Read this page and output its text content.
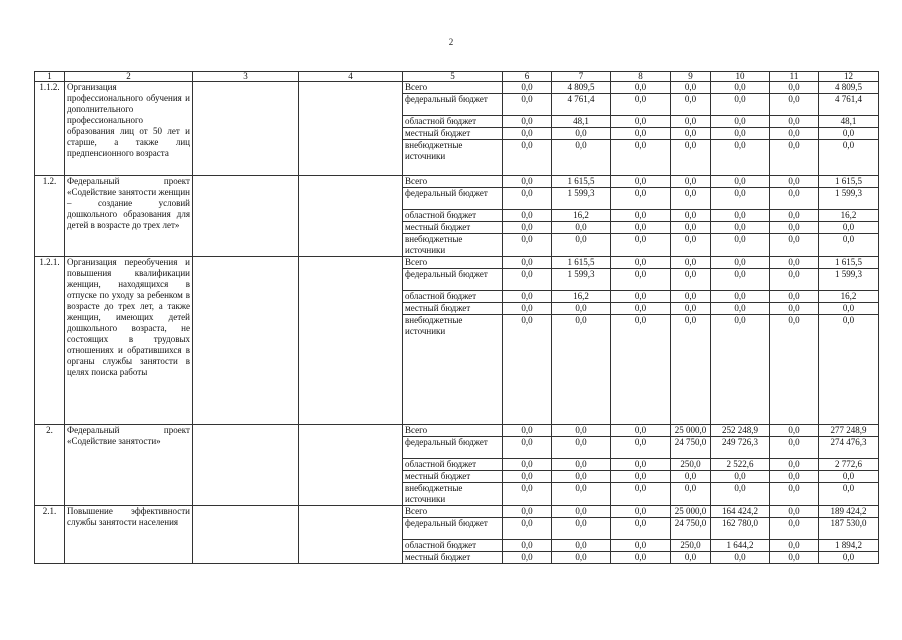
2
1	2	3	4	5	6	7	8	9	10	11	12
1.1.2.	Организация профессионального обучения и дополнительного профессионального образования лиц от 50 лет и старше, а также лиц предпенсионного возраста			Всего	0,0	4 809,5	0,0	0,0	0,0	0,0	4 809,5
				федеральный бюджет	0,0	4 761,4	0,0	0,0	0,0	0,0	4 761,4
				областной бюджет	0,0	48,1	0,0	0,0	0,0	0,0	48,1
				местный бюджет	0,0	0,0	0,0	0,0	0,0	0,0	0,0
				внебюджетные источники	0,0	0,0	0,0	0,0	0,0	0,0	0,0
1.2.	Федеральный проект «Содействие занятости женщин – создание условий дошкольного образования для детей в возрасте до трех лет»			Всего	0,0	1 615,5	0,0	0,0	0,0	0,0	1 615,5
				федеральный бюджет	0,0	1 599,3	0,0	0,0	0,0	0,0	1 599,3
				областной бюджет	0,0	16,2	0,0	0,0	0,0	0,0	16,2
				местный бюджет	0,0	0,0	0,0	0,0	0,0	0,0	0,0
				внебюджетные источники	0,0	0,0	0,0	0,0	0,0	0,0	0,0
1.2.1.	Организация переобучения и повышения квалификации женщин, находящихся в отпуске по уходу за ребенком в возрасте до трех лет, а также женщин, имеющих детей дошкольного возраста, не состоящих в трудовых отношениях и обратившихся в органы службы занятости в целях поиска работы			Всего	0,0	1 615,5	0,0	0,0	0,0	0,0	1 615,5
				федеральный бюджет	0,0	1 599,3	0,0	0,0	0,0	0,0	1 599,3
				областной бюджет	0,0	16,2	0,0	0,0	0,0	0,0	16,2
				местный бюджет	0,0	0,0	0,0	0,0	0,0	0,0	0,0
				внебюджетные источники	0,0	0,0	0,0	0,0	0,0	0,0	0,0
2.	Федеральный проект «Содействие занятости»			Всего	0,0	0,0	0,0	25 000,0	252 248,9	0,0	277 248,9
				федеральный бюджет	0,0	0,0	0,0	24 750,0	249 726,3	0,0	274 476,3
				областной бюджет	0,0	0,0	0,0	250,0	2 522,6	0,0	2 772,6
				местный бюджет	0,0	0,0	0,0	0,0	0,0	0,0	0,0
				внебюджетные источники	0,0	0,0	0,0	0,0	0,0	0,0	0,0
2.1.	Повышение эффективности службы занятости населения			Всего	0,0	0,0	0,0	25 000,0	164 424,2	0,0	189 424,2
				федеральный бюджет	0,0	0,0	0,0	24 750,0	162 780,0	0,0	187 530,0
				областной бюджет	0,0	0,0	0,0	250,0	1 644,2	0,0	1 894,2
				местный бюджет	0,0	0,0	0,0	0,0	0,0	0,0	0,0
